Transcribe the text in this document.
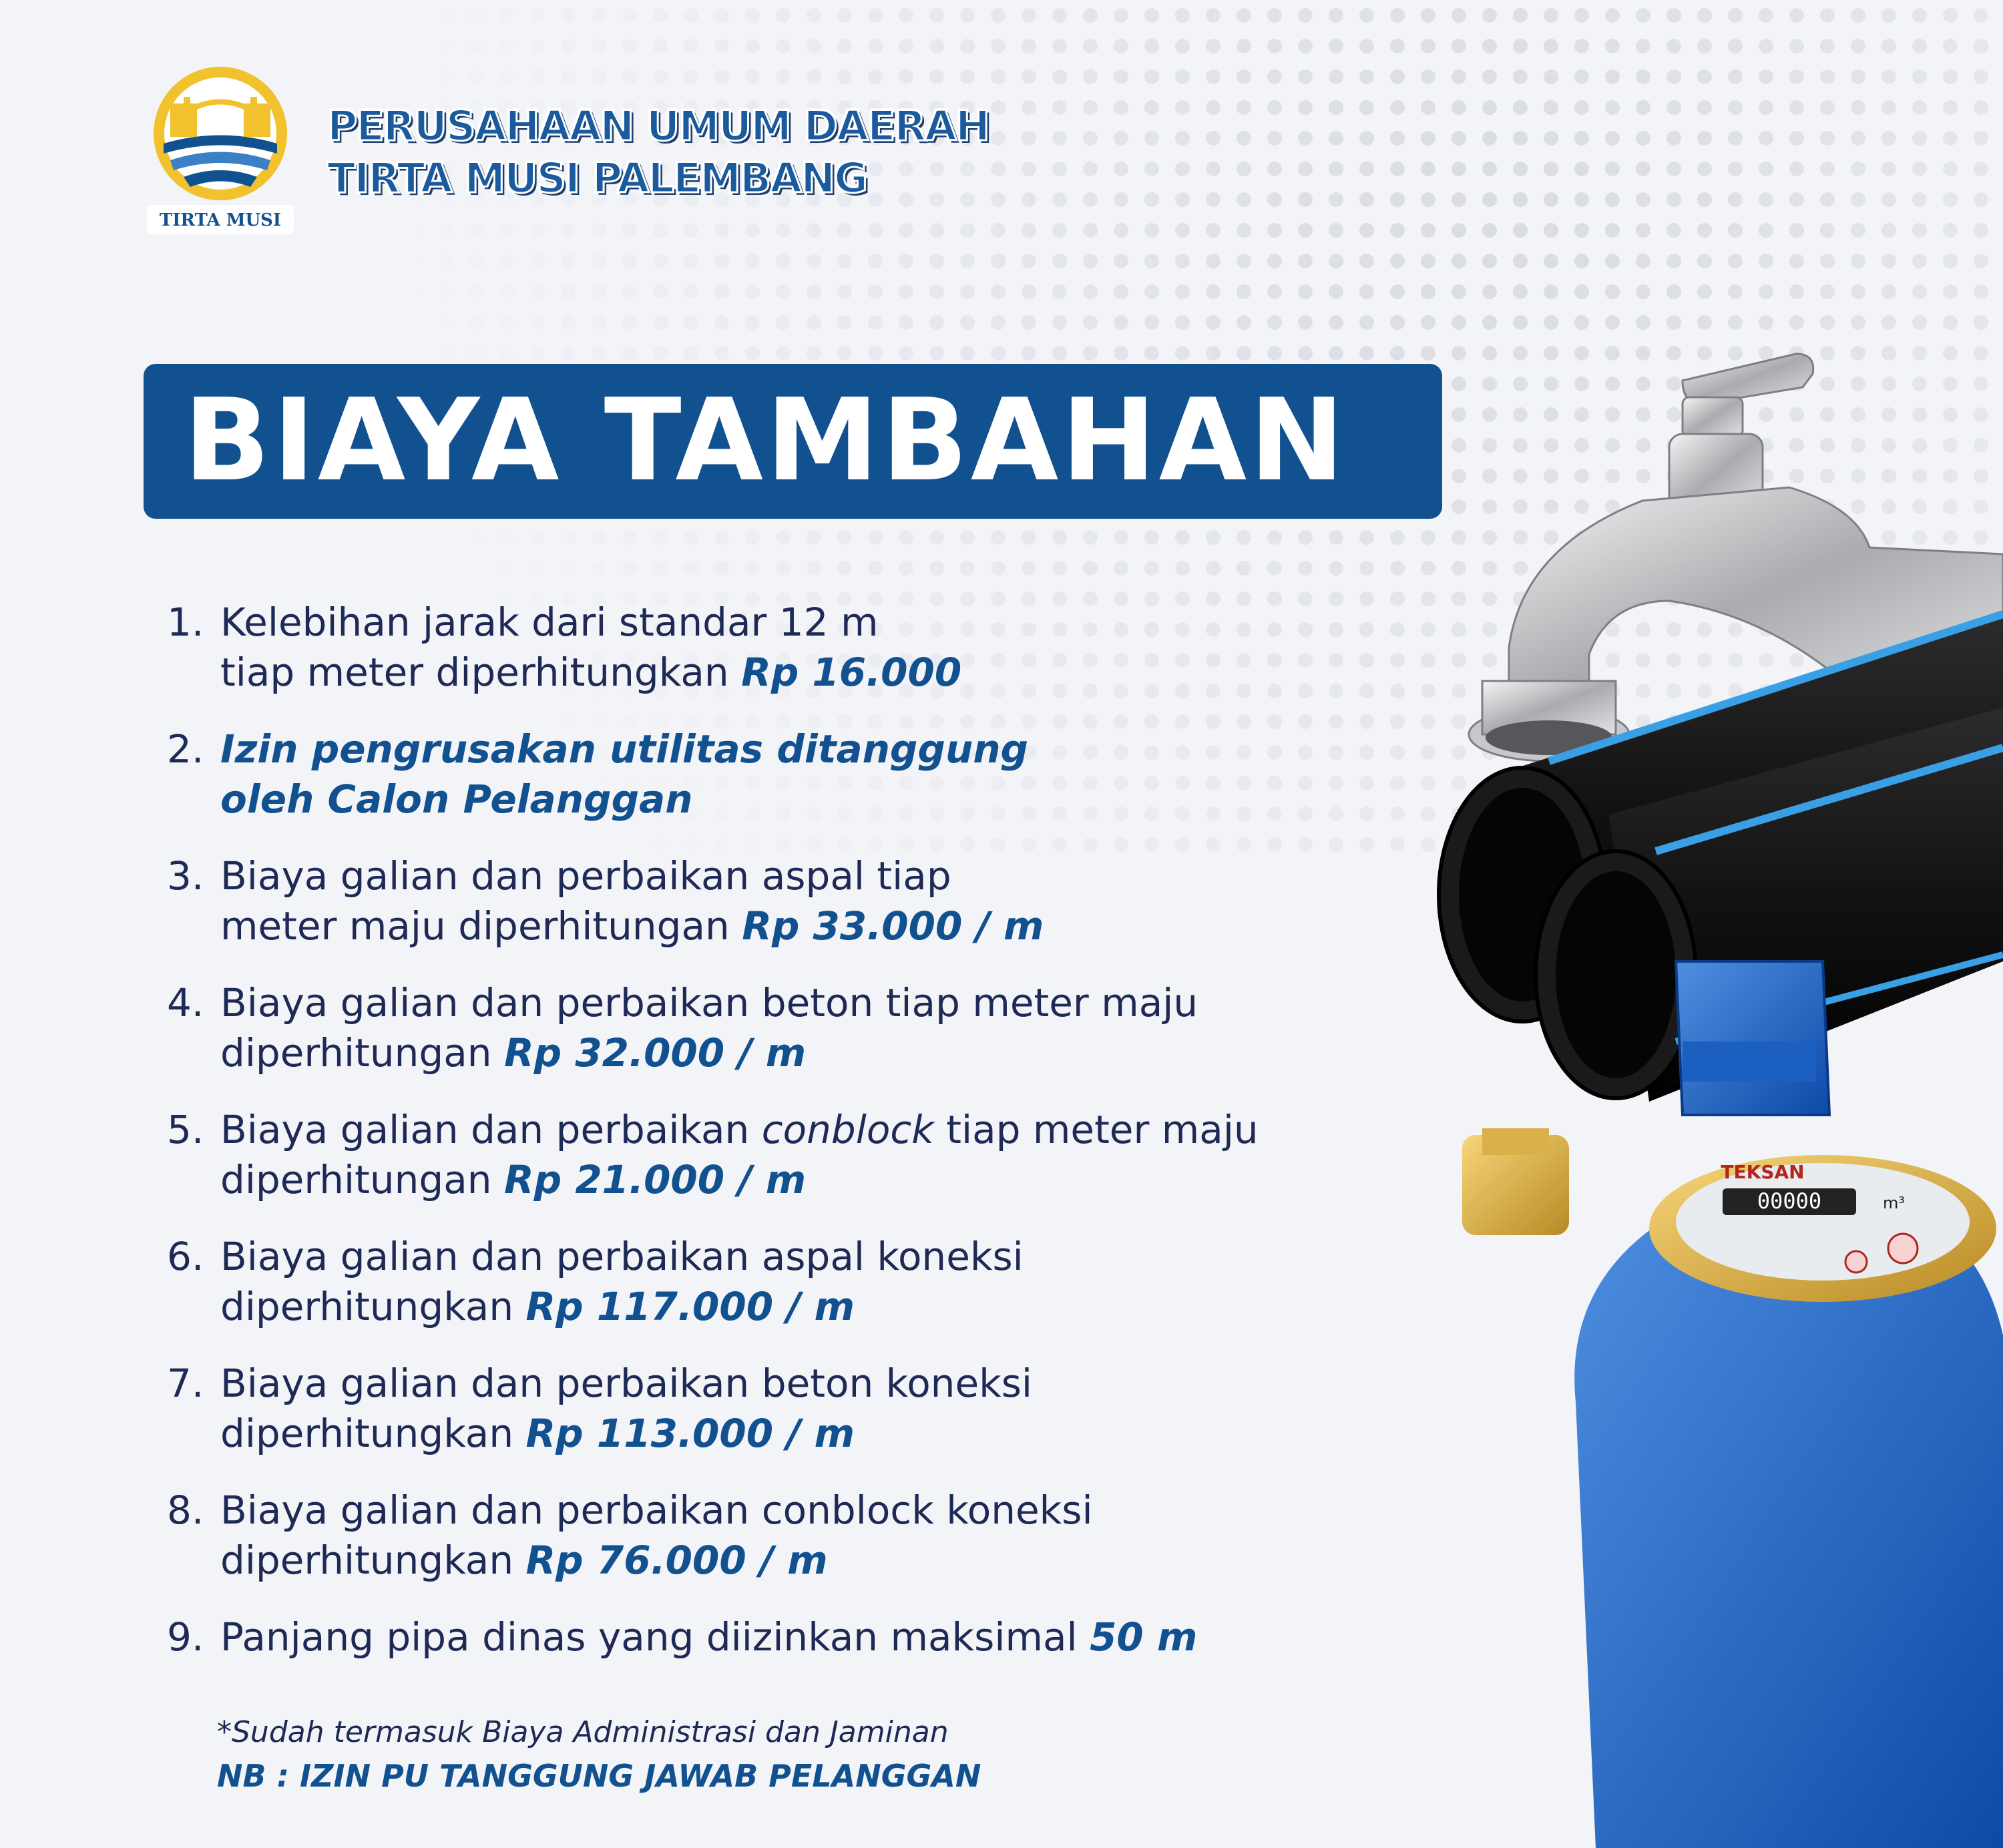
TIRTA MUSI
PERUSAHAAN UMUM DAERAH
TIRTA MUSI PALEMBANG
BIAYA TAMBAHAN
1. Kelebihan jarak dari standar 12 m
tiap meter diperhitungkan Rp 16.000
2. Izin pengrusakan utilitas ditanggung
oleh Calon Pelanggan
3. Biaya galian dan perbaikan aspal tiap
meter maju diperhitungan Rp 33.000 / m
4. Biaya galian dan perbaikan beton tiap meter maju
diperhitungan Rp 32.000 / m
5. Biaya galian dan perbaikan conblock tiap meter maju
diperhitungan Rp 21.000 / m
6. Biaya galian dan perbaikan aspal koneksi
diperhitungkan Rp 117.000 / m
7. Biaya galian dan perbaikan beton koneksi
diperhitungkan Rp 113.000 / m
8. Biaya galian dan perbaikan conblock koneksi
diperhitungkan Rp 76.000 / m
9. Panjang pipa dinas yang diizinkan maksimal 50 m
*Sudah termasuk Biaya Administrasi dan Jaminan
NB : IZIN PU TANGGUNG JAWAB PELANGGAN
00000
TEKSAN
m³
